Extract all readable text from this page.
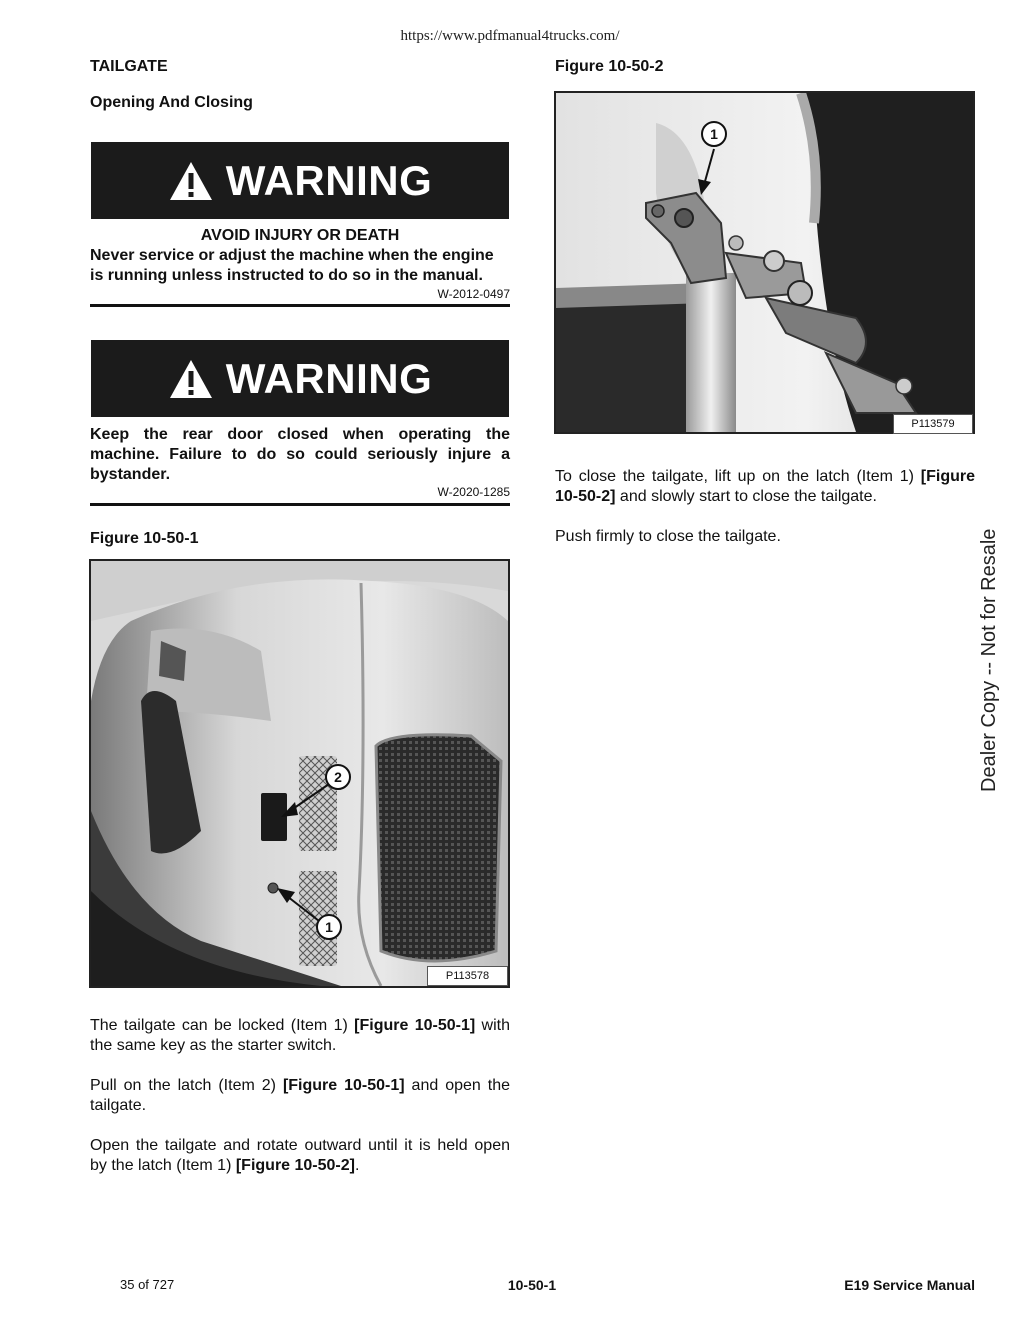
https://www.pdfmanual4trucks.com/
TAILGATE
Opening And Closing
WARNING
AVOID INJURY OR DEATH
Never service or adjust the machine when the engine
is running unless instructed to do so in the manual.
W-2012-0497
WARNING
Keep the rear door closed when operating the
machine. Failure to do so could seriously injure a
bystander.
W-2020-1285
Figure 10-50-1
2
1
P113578
The tailgate can be locked (Item 1) [Figure 10-50-1] with
the same key as the starter switch.
Pull on the latch (Item 2) [Figure 10-50-1] and open the
tailgate.
Open the tailgate and rotate outward until it is held open
by the latch (Item 1) [Figure 10-50-2].
Figure 10-50-2
1
P113579
To close the tailgate, lift up on the latch (Item 1) [Figure
10-50-2] and slowly start to close the tailgate.
Push firmly to close the tailgate.	Dealer Copy -- Not for Resale
35 of 727	10-50-1	E19 Service Manual
